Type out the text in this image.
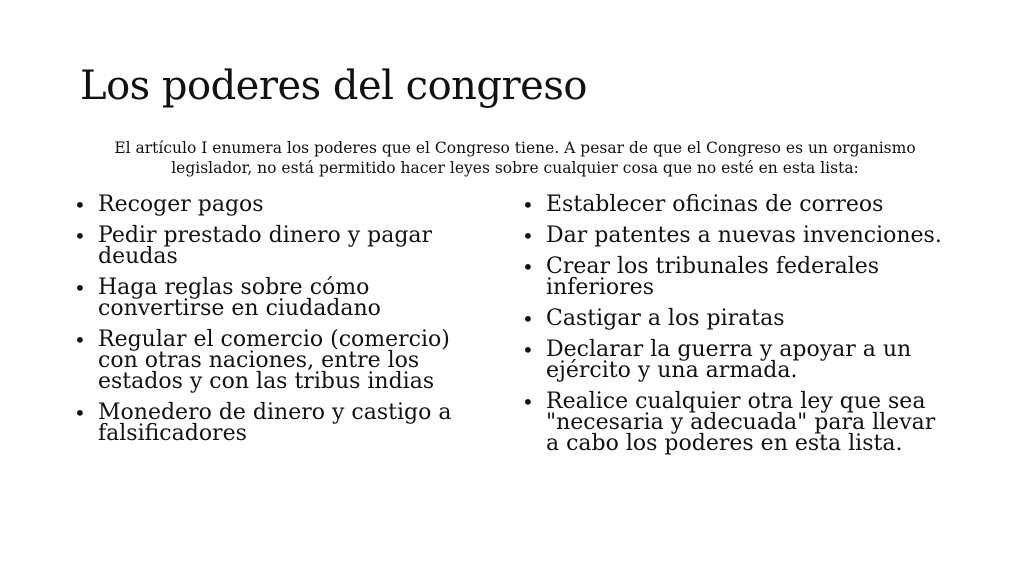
Los poderes del congreso

El artículo I enumera los poderes que el Congreso tiene. A pesar de que el Congreso es un organismo legislador, no está permitido hacer leyes sobre cualquier cosa que no esté en esta lista:

• Recoger pagos
• Pedir prestado dinero y pagar deudas
• Haga reglas sobre cómo convertirse en ciudadano
• Regular el comercio (comercio) con otras naciones, entre los estados y con las tribus indias
• Monedero de dinero y castigo a falsificadores
• Establecer oficinas de correos
• Dar patentes a nuevas invenciones.
• Crear los tribunales federales inferiores
• Castigar a los piratas
• Declarar la guerra y apoyar a un ejército y una armada.
• Realice cualquier otra ley que sea "necesaria y adecuada" para llevar a cabo los poderes en esta lista.
